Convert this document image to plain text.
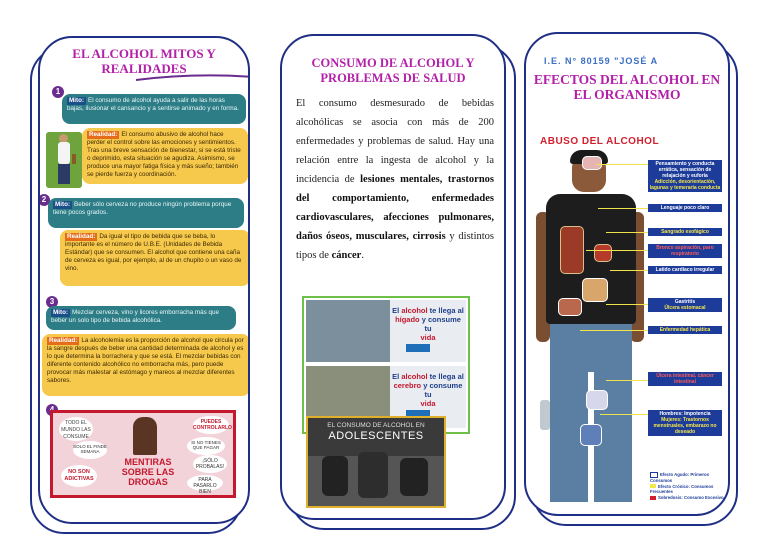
EL ALCOHOL MITOS Y REALIDADES
1
Mito: El consumo de alcohol ayuda a salir de las horas bajas, ilusionar el cansancio y a sentirse animado y en forma.
Realidad: El consumo abusivo de alcohol hace perder el control sobre las emociones y sentimientos. Tras una breve sensación de bienestar, si se está triste o deprimido, esta situación se agudiza. Asimismo, se produce una mayor fatiga física y más sueño; también se pierde fuerza y coordinación.
2
Mito: Beber sólo cerveza no produce ningún problema porque tiene pocos grados.
Realidad: Da igual el tipo de bebida que se beba, lo importante es el número de U.B.E. (Unidades de Bebida Estándar) que se consumen. El alcohol que contiene una caña de cerveza es igual, por ejemplo, al de un chupito o un vaso de vino.
3
Mito: Mezclar cerveza, vino y licores emborracha más que beber un solo tipo de bebida alcohólica.
Realidad: La alcoholemia es la proporción de alcohol que circula por la sangre después de beber una cantidad determinada de alcohol y es lo que determina la borrachera y que se está. El mezclar bebidas con diferente contenido alcohólico no emborracha más, pero puede provocar más malestar al estómago y mareos al mezclar diferentes sabores.
TODO EL MUNDO LAS CONSUME
PUEDES CONTROLARLO
SOLO EL FINDE SEMANA
SI NO TIENES QUE PAGAR
MENTIRAS SOBRE LAS DROGAS
NO SON ADICTIVAS
¡SÓLO PROBALAS!
PARA PASARLO BIEN
CONSUMO DE ALCOHOL Y PROBLEMAS DE SALUD
El consumo desmesurado de bebidas alcohólicas se asocia con más de 200 enfermedades y problemas de salud. Hay una relación entre la ingesta de alcohol y la incidencia de lesiones mentales, trastornos del comportamiento, enfermedades cardiovasculares, afecciones pulmonares, daños óseos, musculares, cirrosis y distintos tipos de cáncer.
El alcohol te llega al
hígado y consume tu
vida
El alcohol te llega al
cerebro y consume tu
vida
EL CONSUMO DE ALCOHOL EN
ADOLESCENTES
I.E. N° 80159 "JOSÉ A
EFECTOS DEL ALCOHOL EN EL ORGANISMO
ABUSO DEL ALCOHOL
Pensamiento y conducta errática, sensación de relajación y euforia
Adicción, desorientación, lagunas y temeraria conducta
Lenguaje poco claro
Sangrado esofágico
Bronco aspiración, paro respiratorio
Latido cardíaco irregular
Gastritis
Úlcera estomacal
Enfermedad hepática
Úlcera intestinal, cáncer intestinal
Hombres: Impotencia
Mujeres: Trastornos menstruales, embarazo no deseado
Efecto Agudo: Primeros Consumos
Efecto Crónico: Consumos Frecuentes
Sobredosis: Consumo Excesivo
